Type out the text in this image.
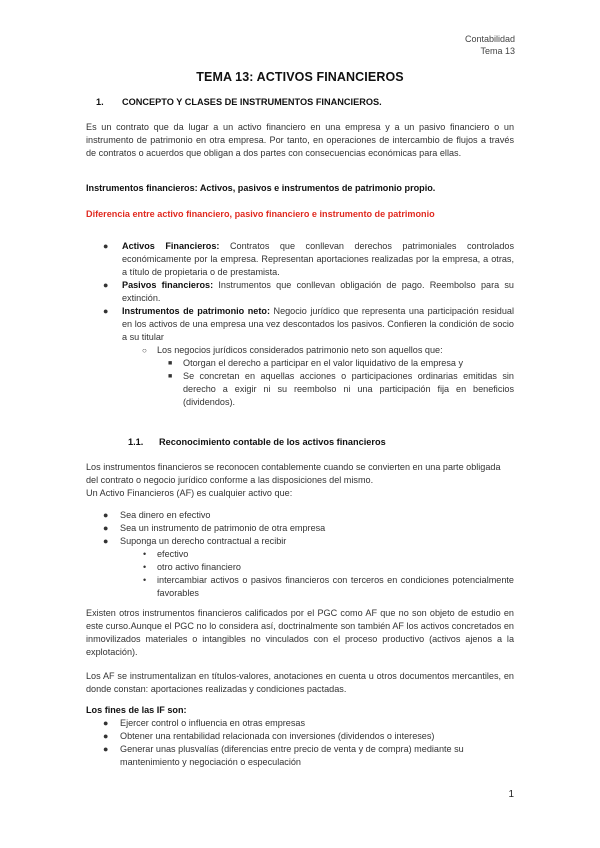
Contabilidad
Tema 13
TEMA 13: ACTIVOS FINANCIEROS
1. CONCEPTO Y CLASES DE INSTRUMENTOS FINANCIEROS.
Es un contrato que da lugar a un activo financiero en una empresa y a un pasivo financiero o un instrumento de patrimonio en otra empresa. Por tanto, en operaciones de intercambio de flujos a través de contratos o acuerdos que obligan a dos partes con consecuencias económicas para ellas.
Instrumentos financieros: Activos, pasivos e instrumentos de patrimonio propio.
Diferencia entre activo financiero, pasivo financiero e instrumento de patrimonio
● Activos Financieros: Contratos que conllevan derechos patrimoniales controlados económicamente por la empresa. Representan aportaciones realizadas por la empresa, a otras, a título de propietaria o de prestamista.
● Pasivos financieros: Instrumentos que conllevan obligación de pago. Reembolso para su extinción.
● Instrumentos de patrimonio neto: Negocio jurídico que representa una participación residual en los activos de una empresa una vez descontados los pasivos. Confieren la condición de socio a su titular
○ Los negocios jurídicos considerados patrimonio neto son aquellos que:
■ Otorgan el derecho a participar en el valor liquidativo de la empresa y
■ Se concretan en aquellas acciones o participaciones ordinarias emitidas sin derecho a exigir ni su reembolso ni una participación fija en beneficios (dividendos).
1.1. Reconocimiento contable de los activos financieros
Los instrumentos financieros se reconocen contablemente cuando se convierten en una parte obligada del contrato o negocio jurídico conforme a las disposiciones del mismo.
Un Activo Financieros (AF) es cualquier activo que:
● Sea dinero en efectivo
● Sea un instrumento de patrimonio de otra empresa
● Suponga un derecho contractual a recibir
• efectivo
• otro activo financiero
• intercambiar activos o pasivos financieros con terceros en condiciones potencialmente favorables
Existen otros instrumentos financieros calificados por el PGC como AF que no son objeto de estudio en este curso.Aunque el PGC no lo considera así, doctrinalmente son también AF los activos concretados en inmovilizados materiales o intangibles no vinculados con el proceso productivo (activos ajenos a la explotación).
Los AF se instrumentalizan en títulos-valores, anotaciones en cuenta u otros documentos mercantiles, en donde constan: aportaciones realizadas y condiciones pactadas.
Los fines de las IF son:
● Ejercer control o influencia en otras empresas
● Obtener una rentabilidad relacionada con inversiones (dividendos o intereses)
● Generar unas plusvalías (diferencias entre precio de venta y de compra) mediante su mantenimiento y negociación o especulación
1
